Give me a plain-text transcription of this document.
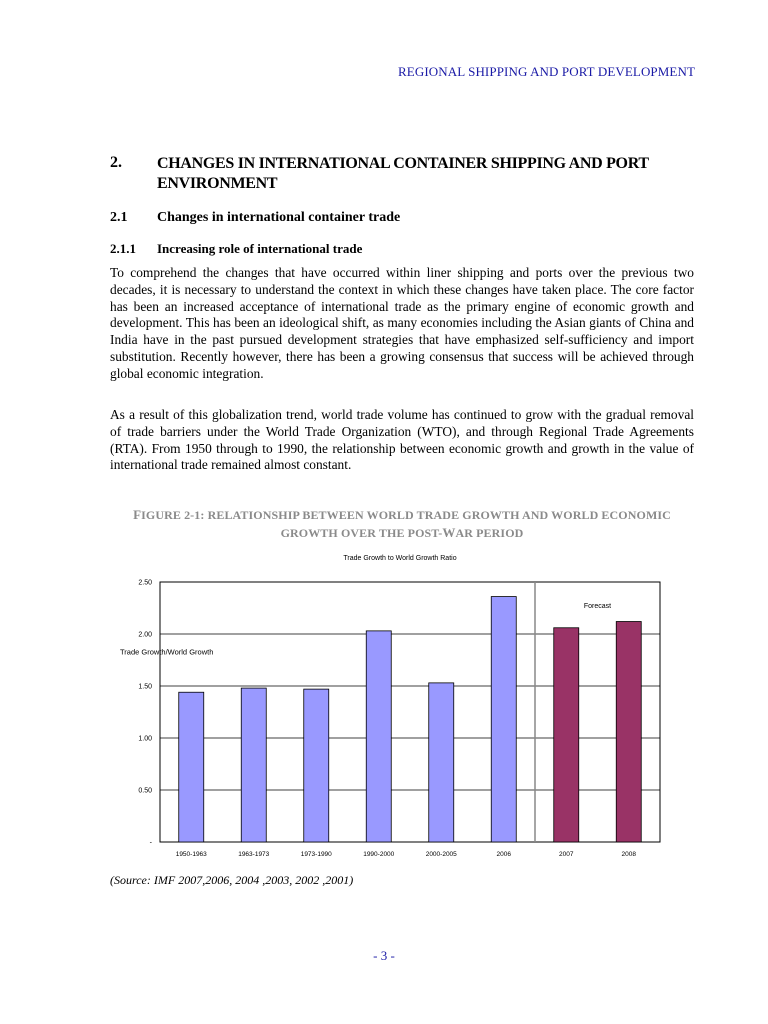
REGIONAL SHIPPING AND PORT DEVELOPMENT
2. CHANGES IN INTERNATIONAL CONTAINER SHIPPING AND PORT ENVIRONMENT
2.1 Changes in international container trade
2.1.1 Increasing role of international trade

To comprehend the changes that have occurred within liner shipping and ports over the previous two decades, it is necessary to understand the context in which these changes have taken place. The core factor has been an increased acceptance of international trade as the primary engine of economic growth and development. This has been an ideological shift, as many economies including the Asian giants of China and India have in the past pursued development strategies that have emphasized self-sufficiency and import substitution. Recently however, there has been a growing consensus that success will be achieved through global economic integration.

As a result of this globalization trend, world trade volume has continued to grow with the gradual removal of trade barriers under the World Trade Organization (WTO), and through Regional Trade Agreements (RTA). From 1950 through to 1990, the relationship between economic growth and growth in the value of international trade remained almost constant.

FIGURE 2-1: RELATIONSHIP BETWEEN WORLD TRADE GROWTH AND WORLD ECONOMIC
GROWTH OVER THE POST-WAR PERIOD
Trade Growth to World Growth Ratio
-
0.50
1.00
1.50
2.00
2.50
Trade Growth/World Growth
1950-1963	1963-1973	1973-1990	1990-2000	2000-2005	2006	2007	2008
Forecast
(Source: IMF 2007,2006, 2004 ,2003, 2002 ,2001)
- 3 -
